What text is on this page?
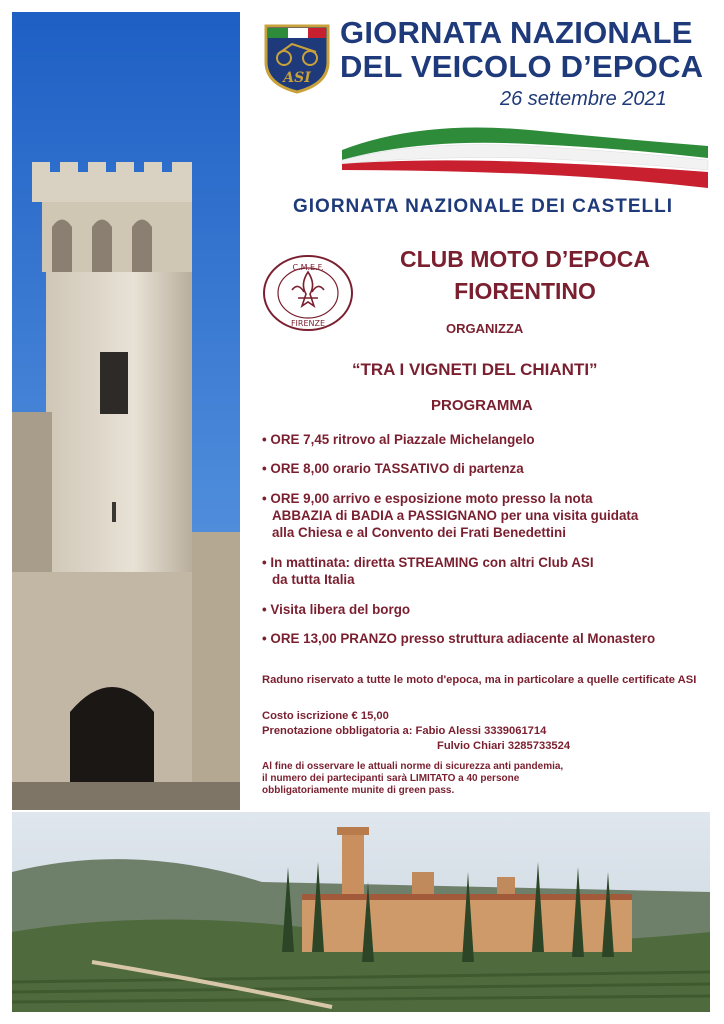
ASI
GIORNATA NAZIONALE
DEL VEICOLO D’EPOCA
26 settembre 2021
GIORNATA NAZIONALE DEI CASTELLI
C.M.E.F.
FIRENZE
CLUB MOTO D’EPOCA
FIORENTINO
ORGANIZZA
“TRA I VIGNETI DEL CHIANTI”
PROGRAMMA
• ORE 7,45 ritrovo al Piazzale Michelangelo
• ORE 8,00 orario TASSATIVO di partenza
• ORE 9,00 arrivo e esposizione moto presso la nota
ABBAZIA di BADIA a PASSIGNANO per una visita guidata
alla Chiesa e al Convento dei Frati Benedettini
• In mattinata: diretta STREAMING con altri Club ASI
da tutta Italia
• Visita libera del borgo
• ORE 13,00 PRANZO presso struttura adiacente al Monastero
Raduno riservato a tutte le moto d'epoca, ma in particolare a quelle certificate ASI
Costo iscrizione € 15,00
Prenotazione obbligatoria a: Fabio Alessi 3339061714
Fulvio Chiari 3285733524
Al fine di osservare le attuali norme di sicurezza anti pandemia,
il numero dei partecipanti sarà LIMITATO a 40 persone
obbligatoriamente munite di green pass.
